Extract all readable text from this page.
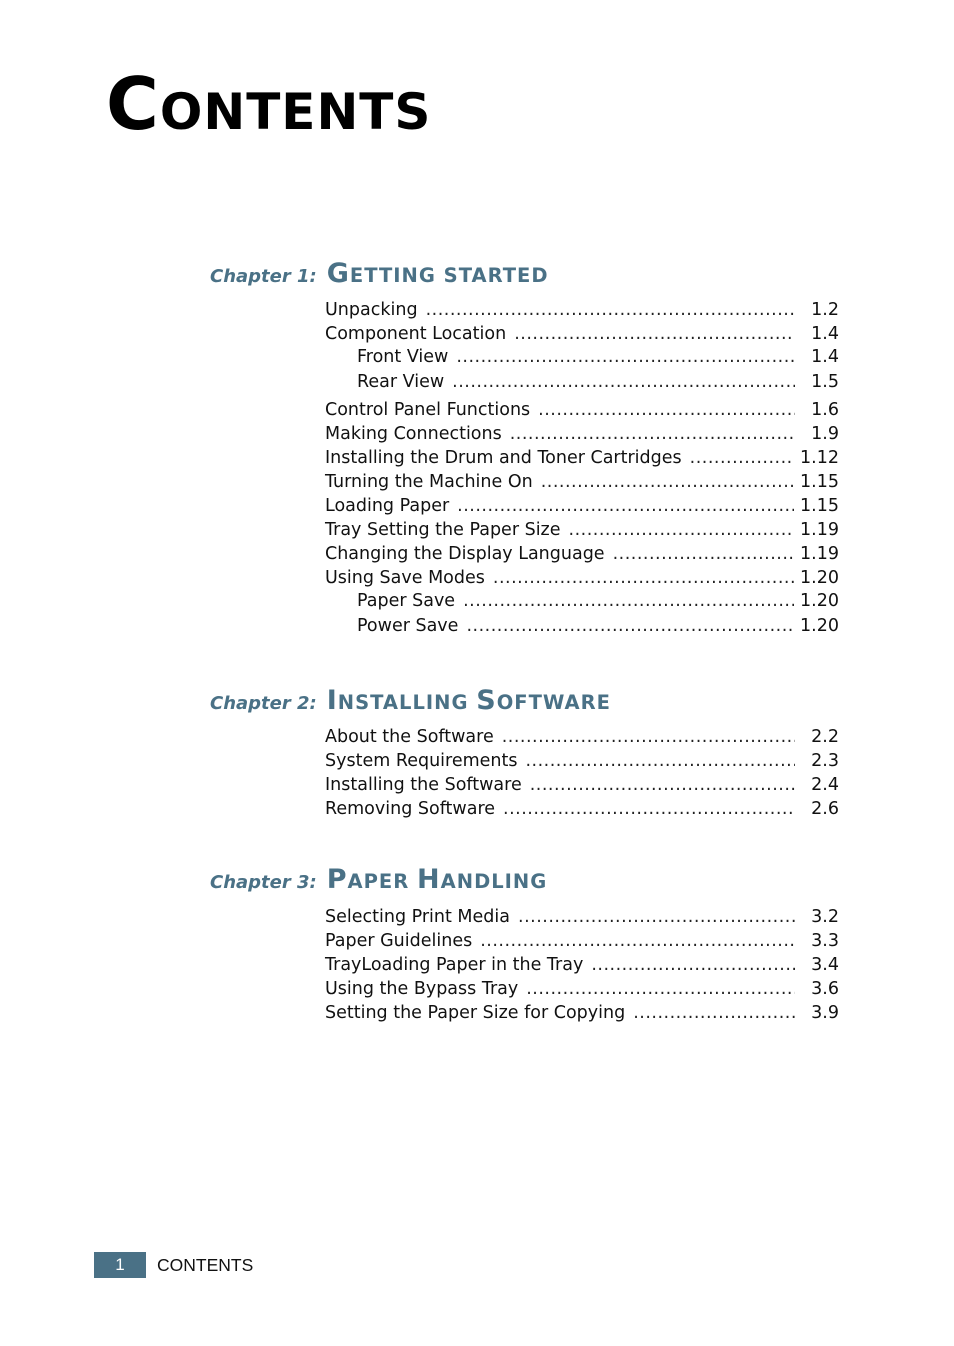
CONTENTS
Chapter 1: GETTING STARTED
Unpacking .....	1.2
Component Location .....	1.4
Front View .....	1.4
Rear View .....	1.5
Control Panel Functions .....	1.6
Making Connections .....	1.9
Installing the Drum and Toner Cartridges .....	1.12
Turning the Machine On .....	1.15
Loading Paper .....	1.15
Tray Setting the Paper Size .....	1.19
Changing the Display Language .....	1.19
Using Save Modes .....	1.20
Paper Save .....	1.20
Power Save .....	1.20
Chapter 2: INSTALLING SOFTWARE
About the Software .....	2.2
System Requirements .....	2.3
Installing the Software .....	2.4
Removing Software .....	2.6
Chapter 3: PAPER HANDLING
Selecting Print Media .....	3.2
Paper Guidelines .....	3.3
TrayLoading Paper in the Tray .....	3.4
Using the Bypass Tray .....	3.6
Setting the Paper Size for Copying .....	3.9
1	CONTENTS
